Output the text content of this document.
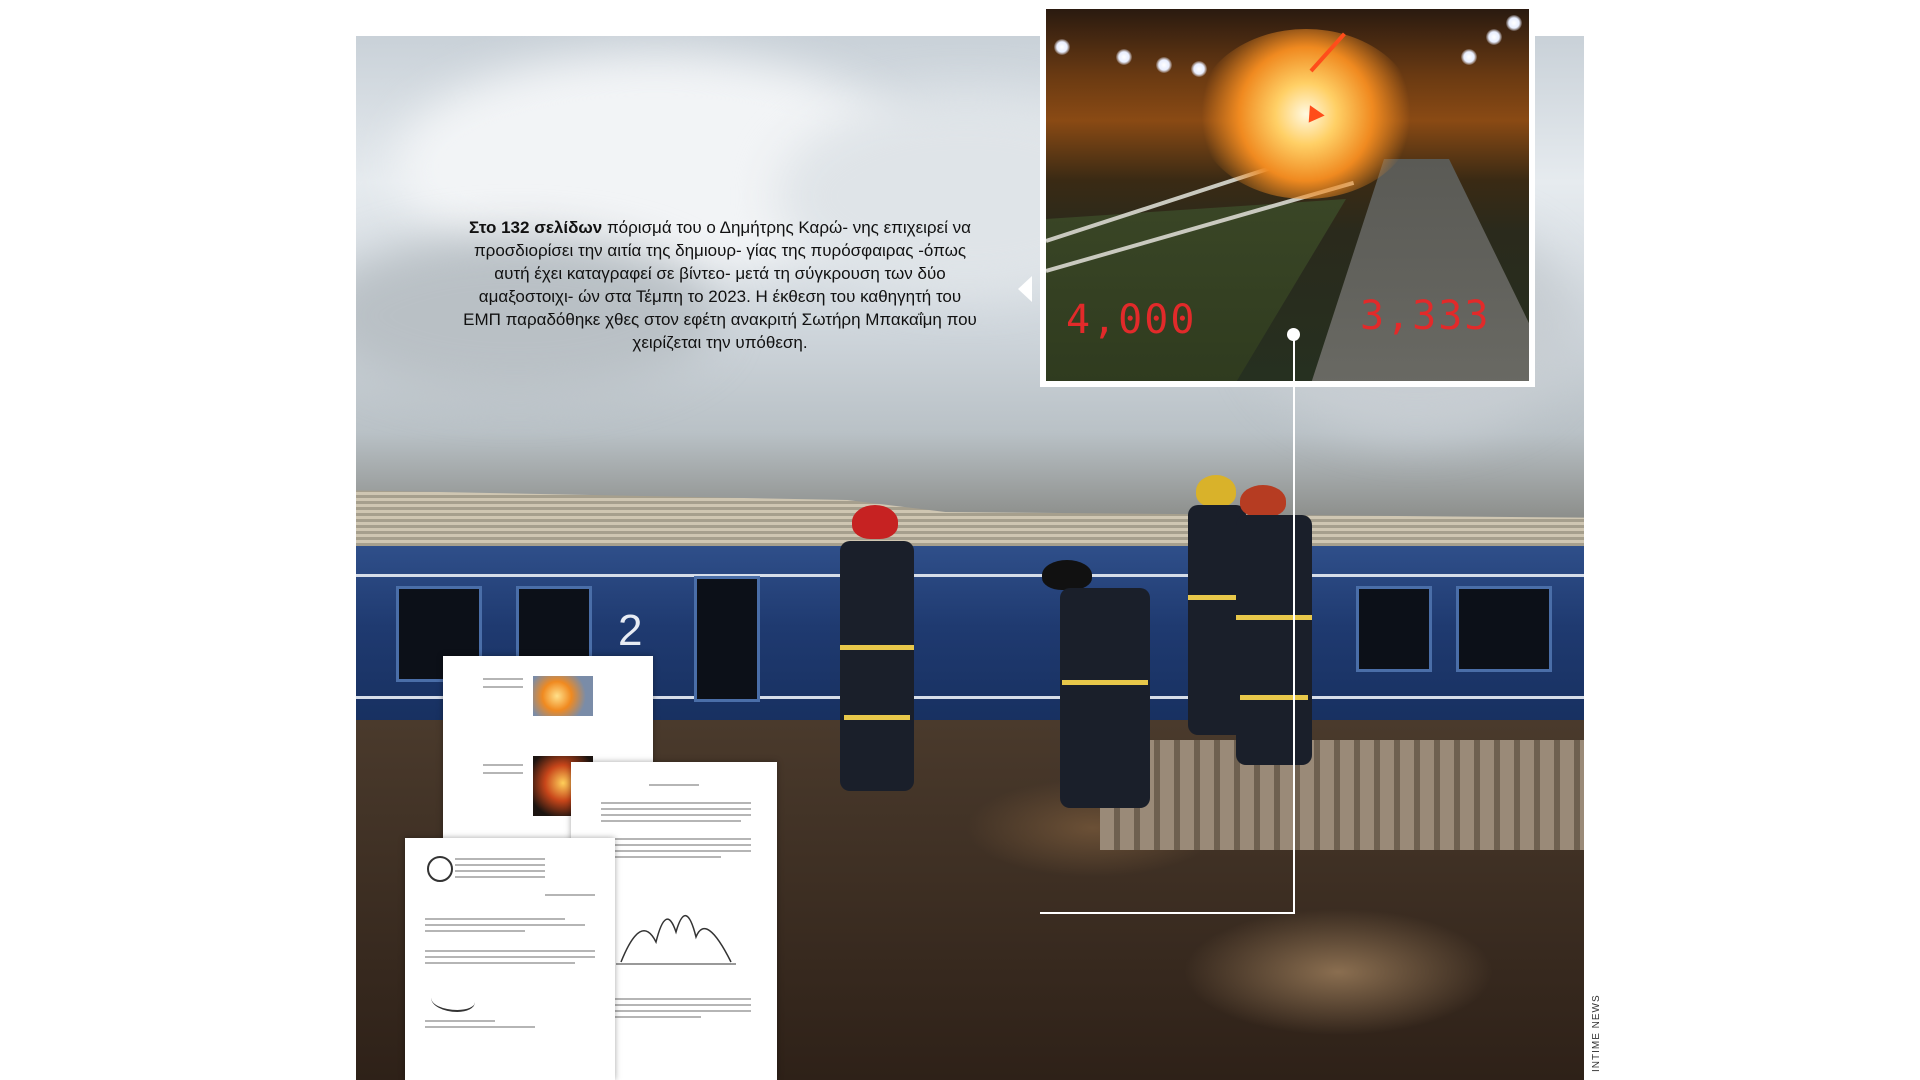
2
Στο 132 σελίδων πόρισμά του ο Δημήτρης Καρώ- νης επιχειρεί να προσδιορίσει την αιτία της δημιουρ- γίας της πυρόσφαιρας -όπως αυτή έχει καταγραφεί σε βίντεο- μετά τη σύγκρουση των δύο αμαξοστοιχι- ών στα Τέμπη το 2023. Η έκθεση του καθηγητή του ΕΜΠ παραδόθηκε χθες στον εφέτη ανακριτή Σωτήρη Μπακαΐμη που χειρίζεται την υπόθεση.	4,000	3,333
INTIME NEWS
